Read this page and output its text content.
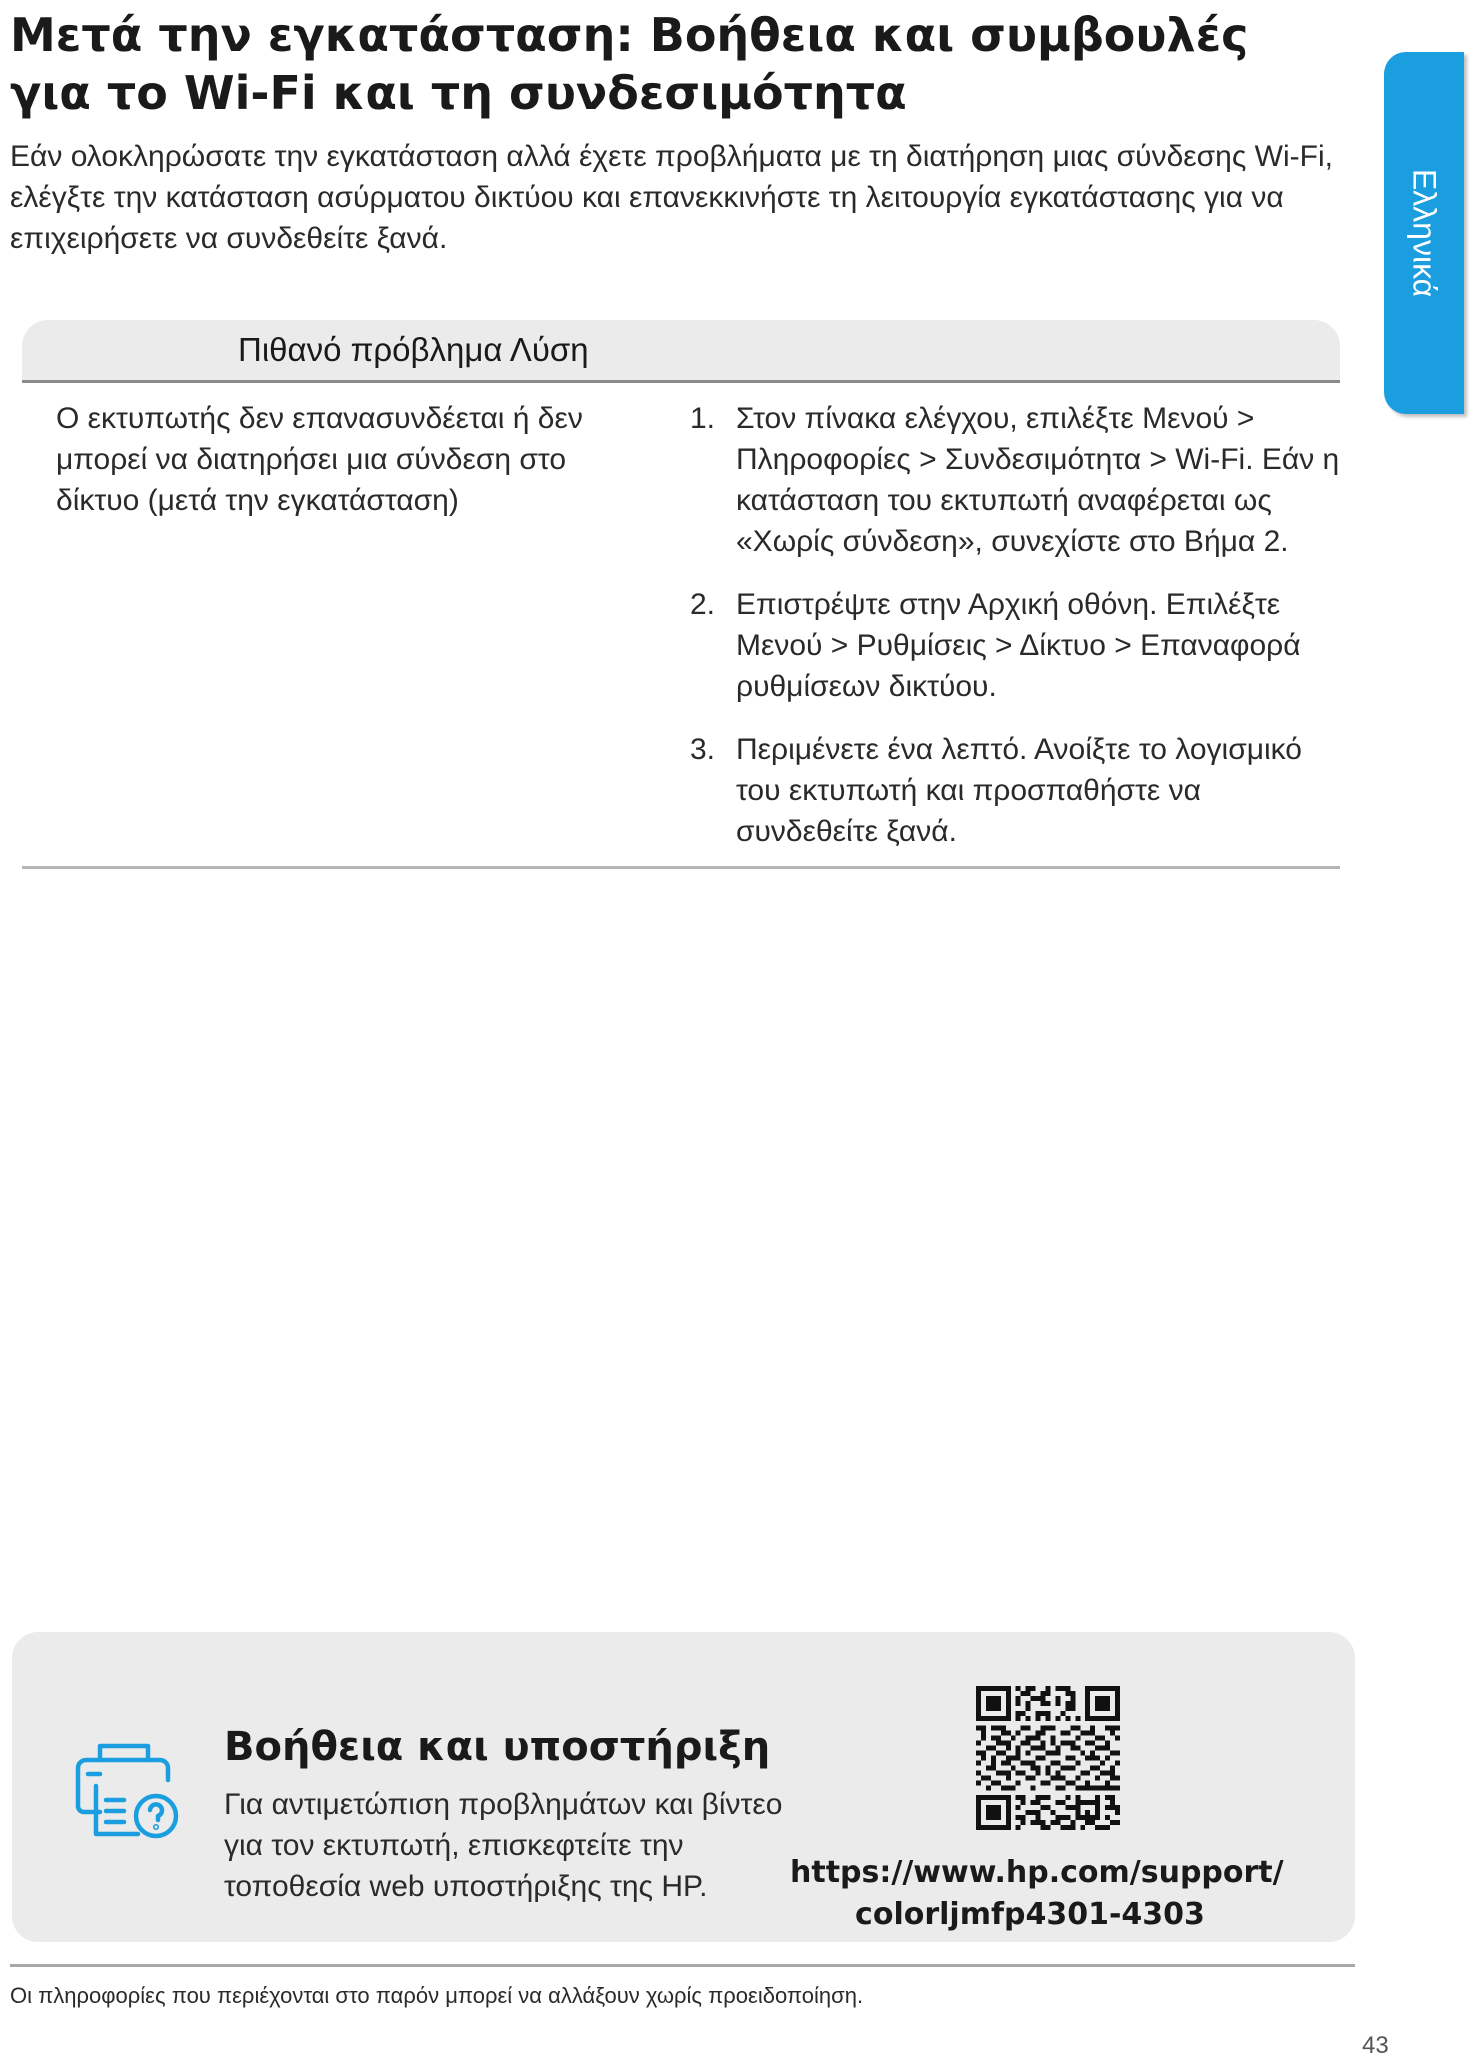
Μετά την εγκατάσταση: Βοήθεια και συμβουλές για το Wi-Fi και τη συνδεσιμότητα

Εάν ολοκληρώσατε την εγκατάσταση αλλά έχετε προβλήματα με τη διατήρηση μιας σύνδεσης Wi-Fi, ελέγξτε την κατάσταση ασύρματου δικτύου και επανεκκινήστε τη λειτουργία εγκατάστασης για να επιχειρήσετε να συνδεθείτε ξανά.	Ελληνικά
Πιθανό πρόβλημα Λύση

Ο εκτυπωτής δεν επανασυνδέεται ή δεν μπορεί να διατηρήσει μια σύνδεση στο δίκτυο (μετά την εγκατάσταση)

1. Στον πίνακα ελέγχου, επιλέξτε Μενού > Πληροφορίες > Συνδεσιμότητα > Wi-Fi. Εάν η κατάσταση του εκτυπωτή αναφέρεται ως «Χωρίς σύνδεση», συνεχίστε στο Βήμα 2.
2. Επιστρέψτε στην Αρχική οθόνη. Επιλέξτε Μενού > Ρυθμίσεις > Δίκτυο > Επαναφορά ρυθμίσεων δικτύου.
3. Περιμένετε ένα λεπτό. Ανοίξτε το λογισμικό του εκτυπωτή και προσπαθήστε να συνδεθείτε ξανά.
Βοήθεια και υποστήριξη

Για αντιμετώπιση προβλημάτων και βίντεο για τον εκτυπωτή, επισκεφτείτε την τοποθεσία web υποστήριξης της HP.	https://www.hp.com/support/
colorljmfp4301-4303

Οι πληροφορίες που περιέχονται στο παρόν μπορεί να αλλάξουν χωρίς προειδοποίηση.

43
